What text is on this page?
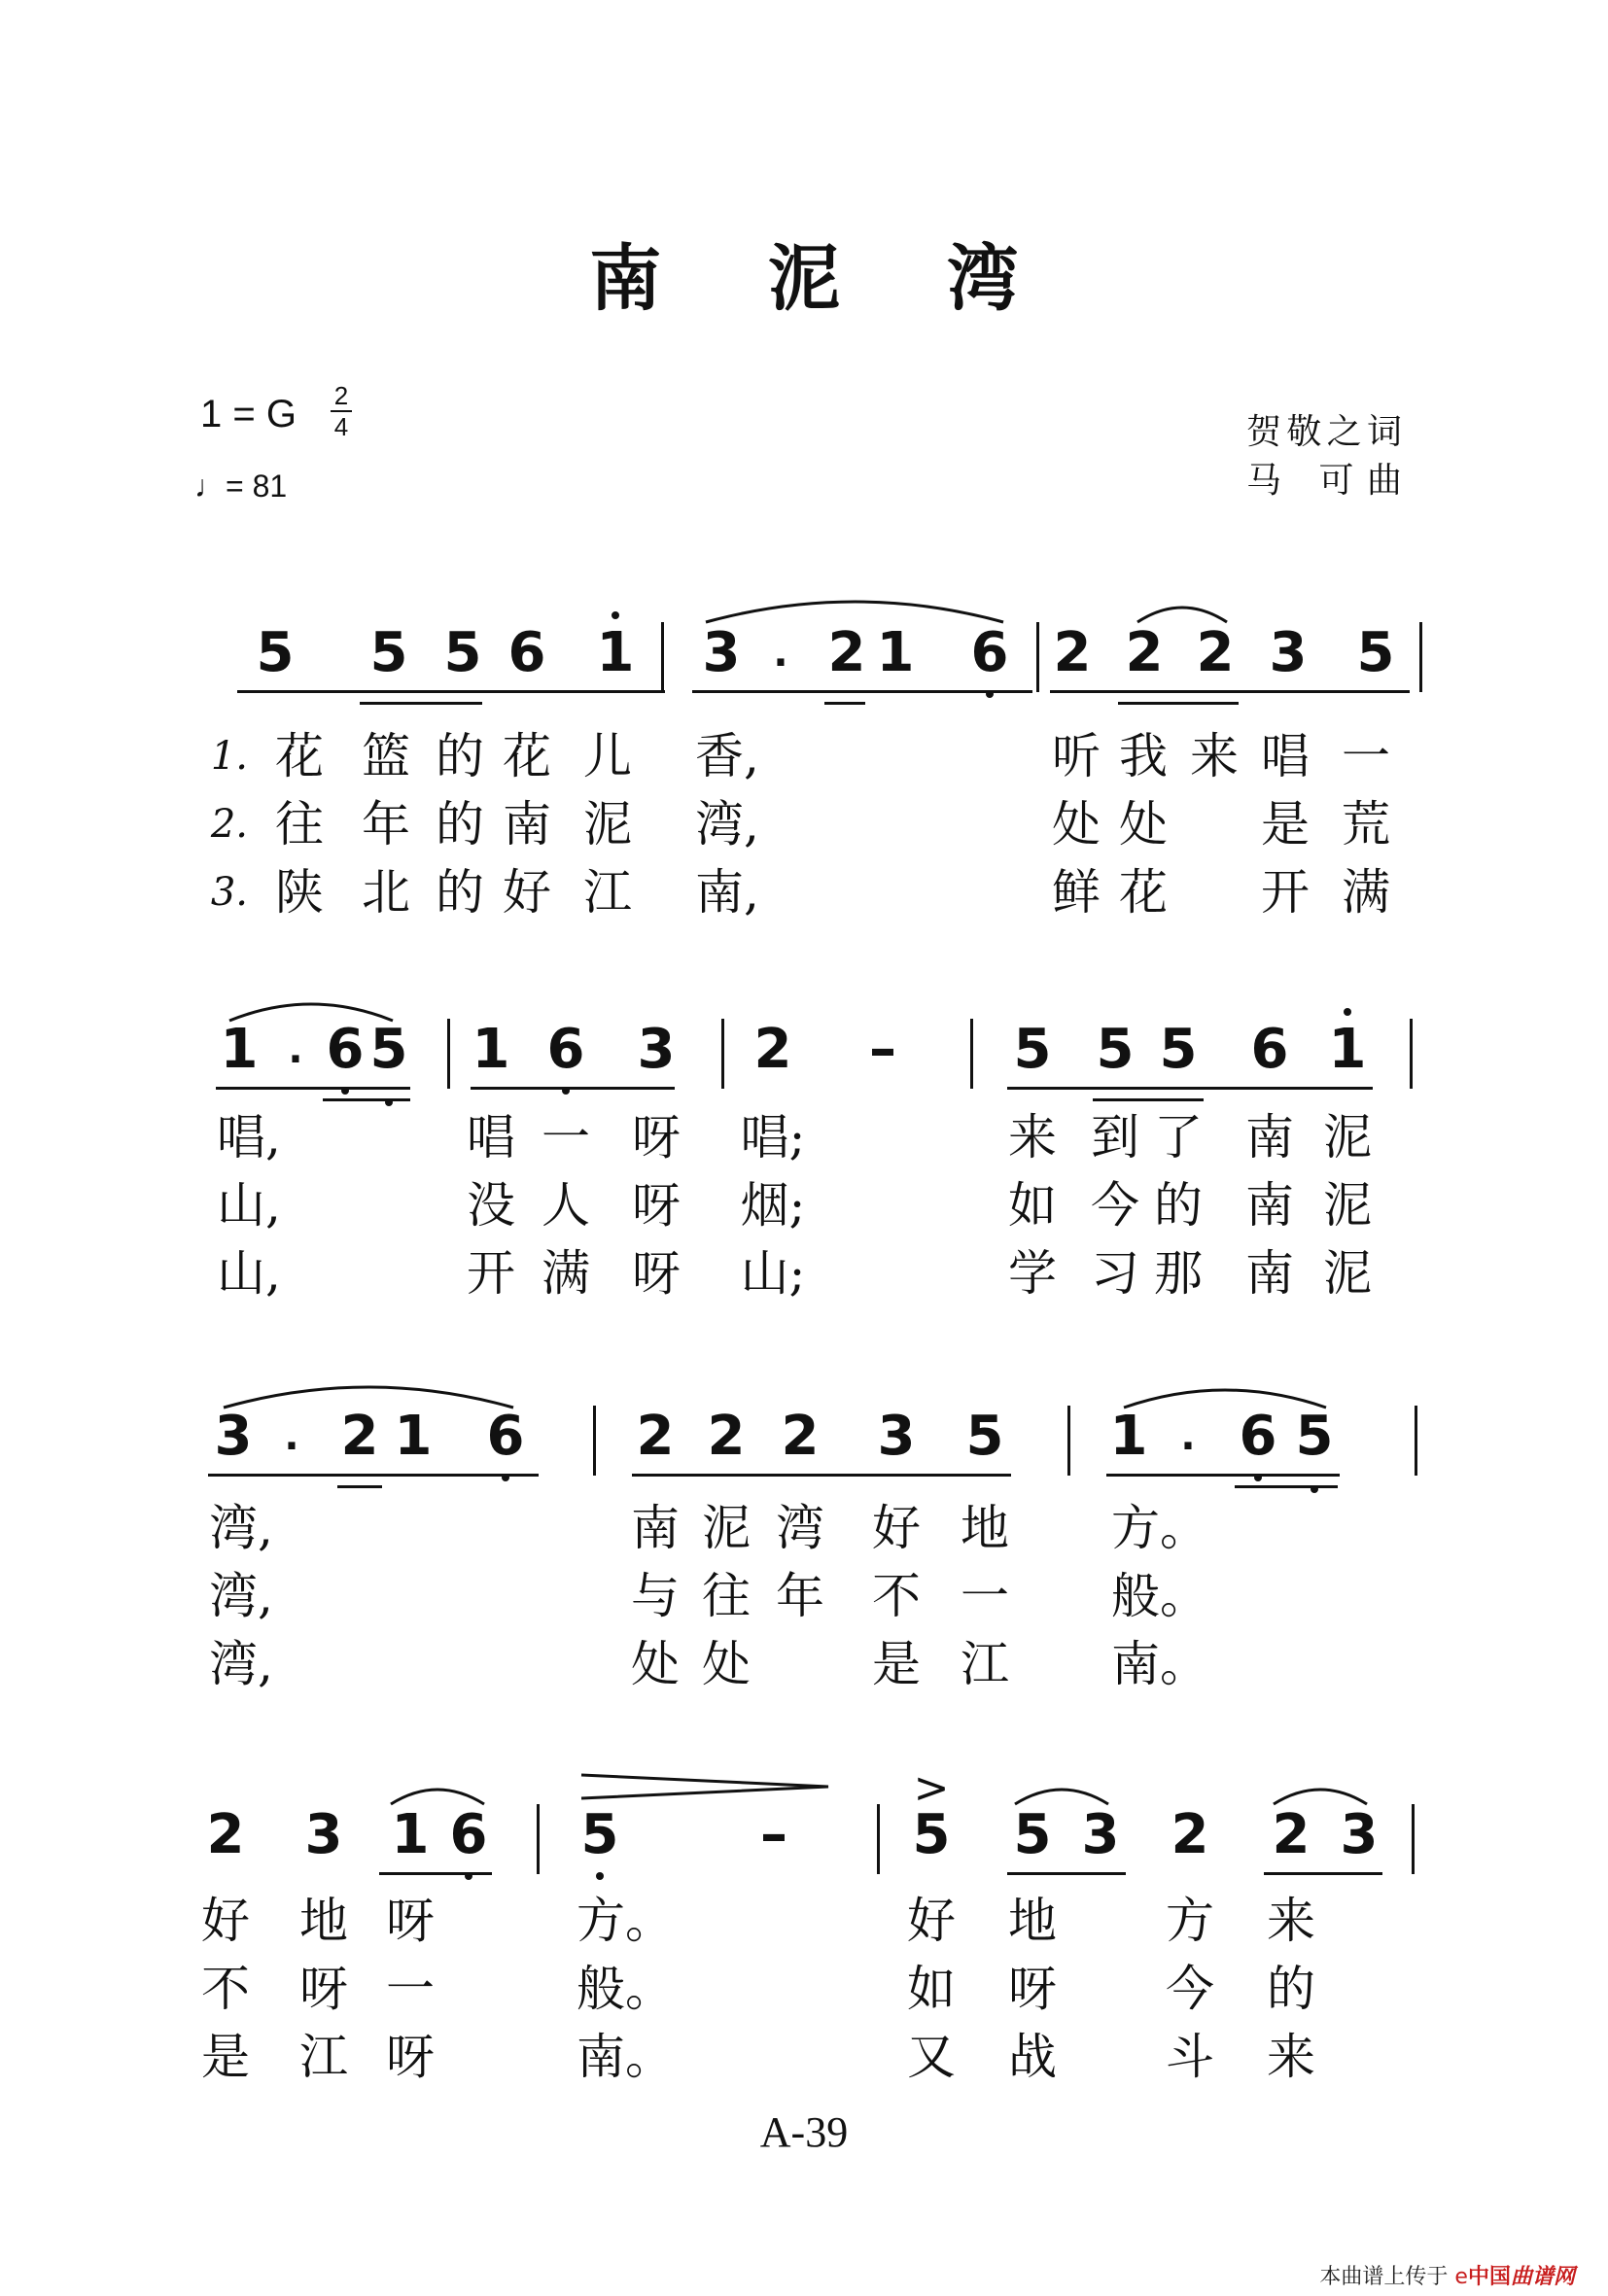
南 泥 湾
1 = G 2
4
♩= 81
贺敬之词
马 可曲
5 5 5 6 1 3 · 2 1 6 2 2 2 3 5
1. 花 篮 的 花 儿 香,	听 我 来 唱 一
2. 往 年 的 南 泥 湾,	处 处 是 荒
3. 陕 北 的 好 江 南,	鲜 花 开 满
1 · 6 5 1 6 3 2 – 5 5 5 6 1
唱,	唱 一 呀 唱;	来 到 了 南 泥
山,	没 人 呀 烟;	如 今 的 南 泥
山,	开 满 呀 山;	学 习 那 南 泥
3 · 2 1 6 2 2 2 3 5 1 · 6 5
湾,	南 泥 湾 好 地 方。
湾,	与 往 年 不 一 般。
湾,	处 处	是 江 南。
2 3 1 6 5	–
>
5 5 3 2 2 3
好 地 呀	方。	好 地 方 来
不 呀 一	般。	如 呀 今 的
是 江 呀	南。	又 战 斗 来
A-39
本曲谱上传于 e中国曲谱网
